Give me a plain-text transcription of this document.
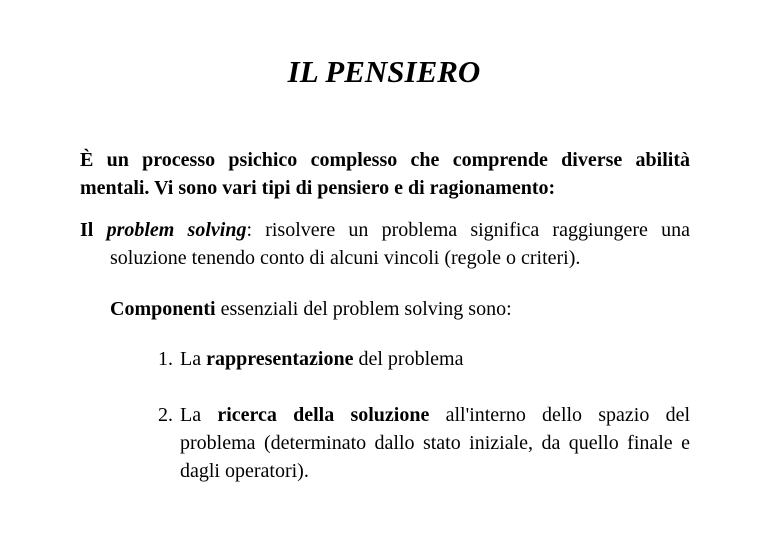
IL PENSIERO
È un processo psichico complesso che comprende diverse abilità mentali. Vi sono vari tipi di pensiero e di ragionamento:
Il problem solving: risolvere un problema significa raggiungere una soluzione tenendo conto di alcuni vincoli (regole o criteri).
Componenti essenziali del problem solving sono:
1. La rappresentazione del problema
2. La ricerca della soluzione all'interno dello spazio del problema (determinato dallo stato iniziale, da quello finale e dagli operatori).
